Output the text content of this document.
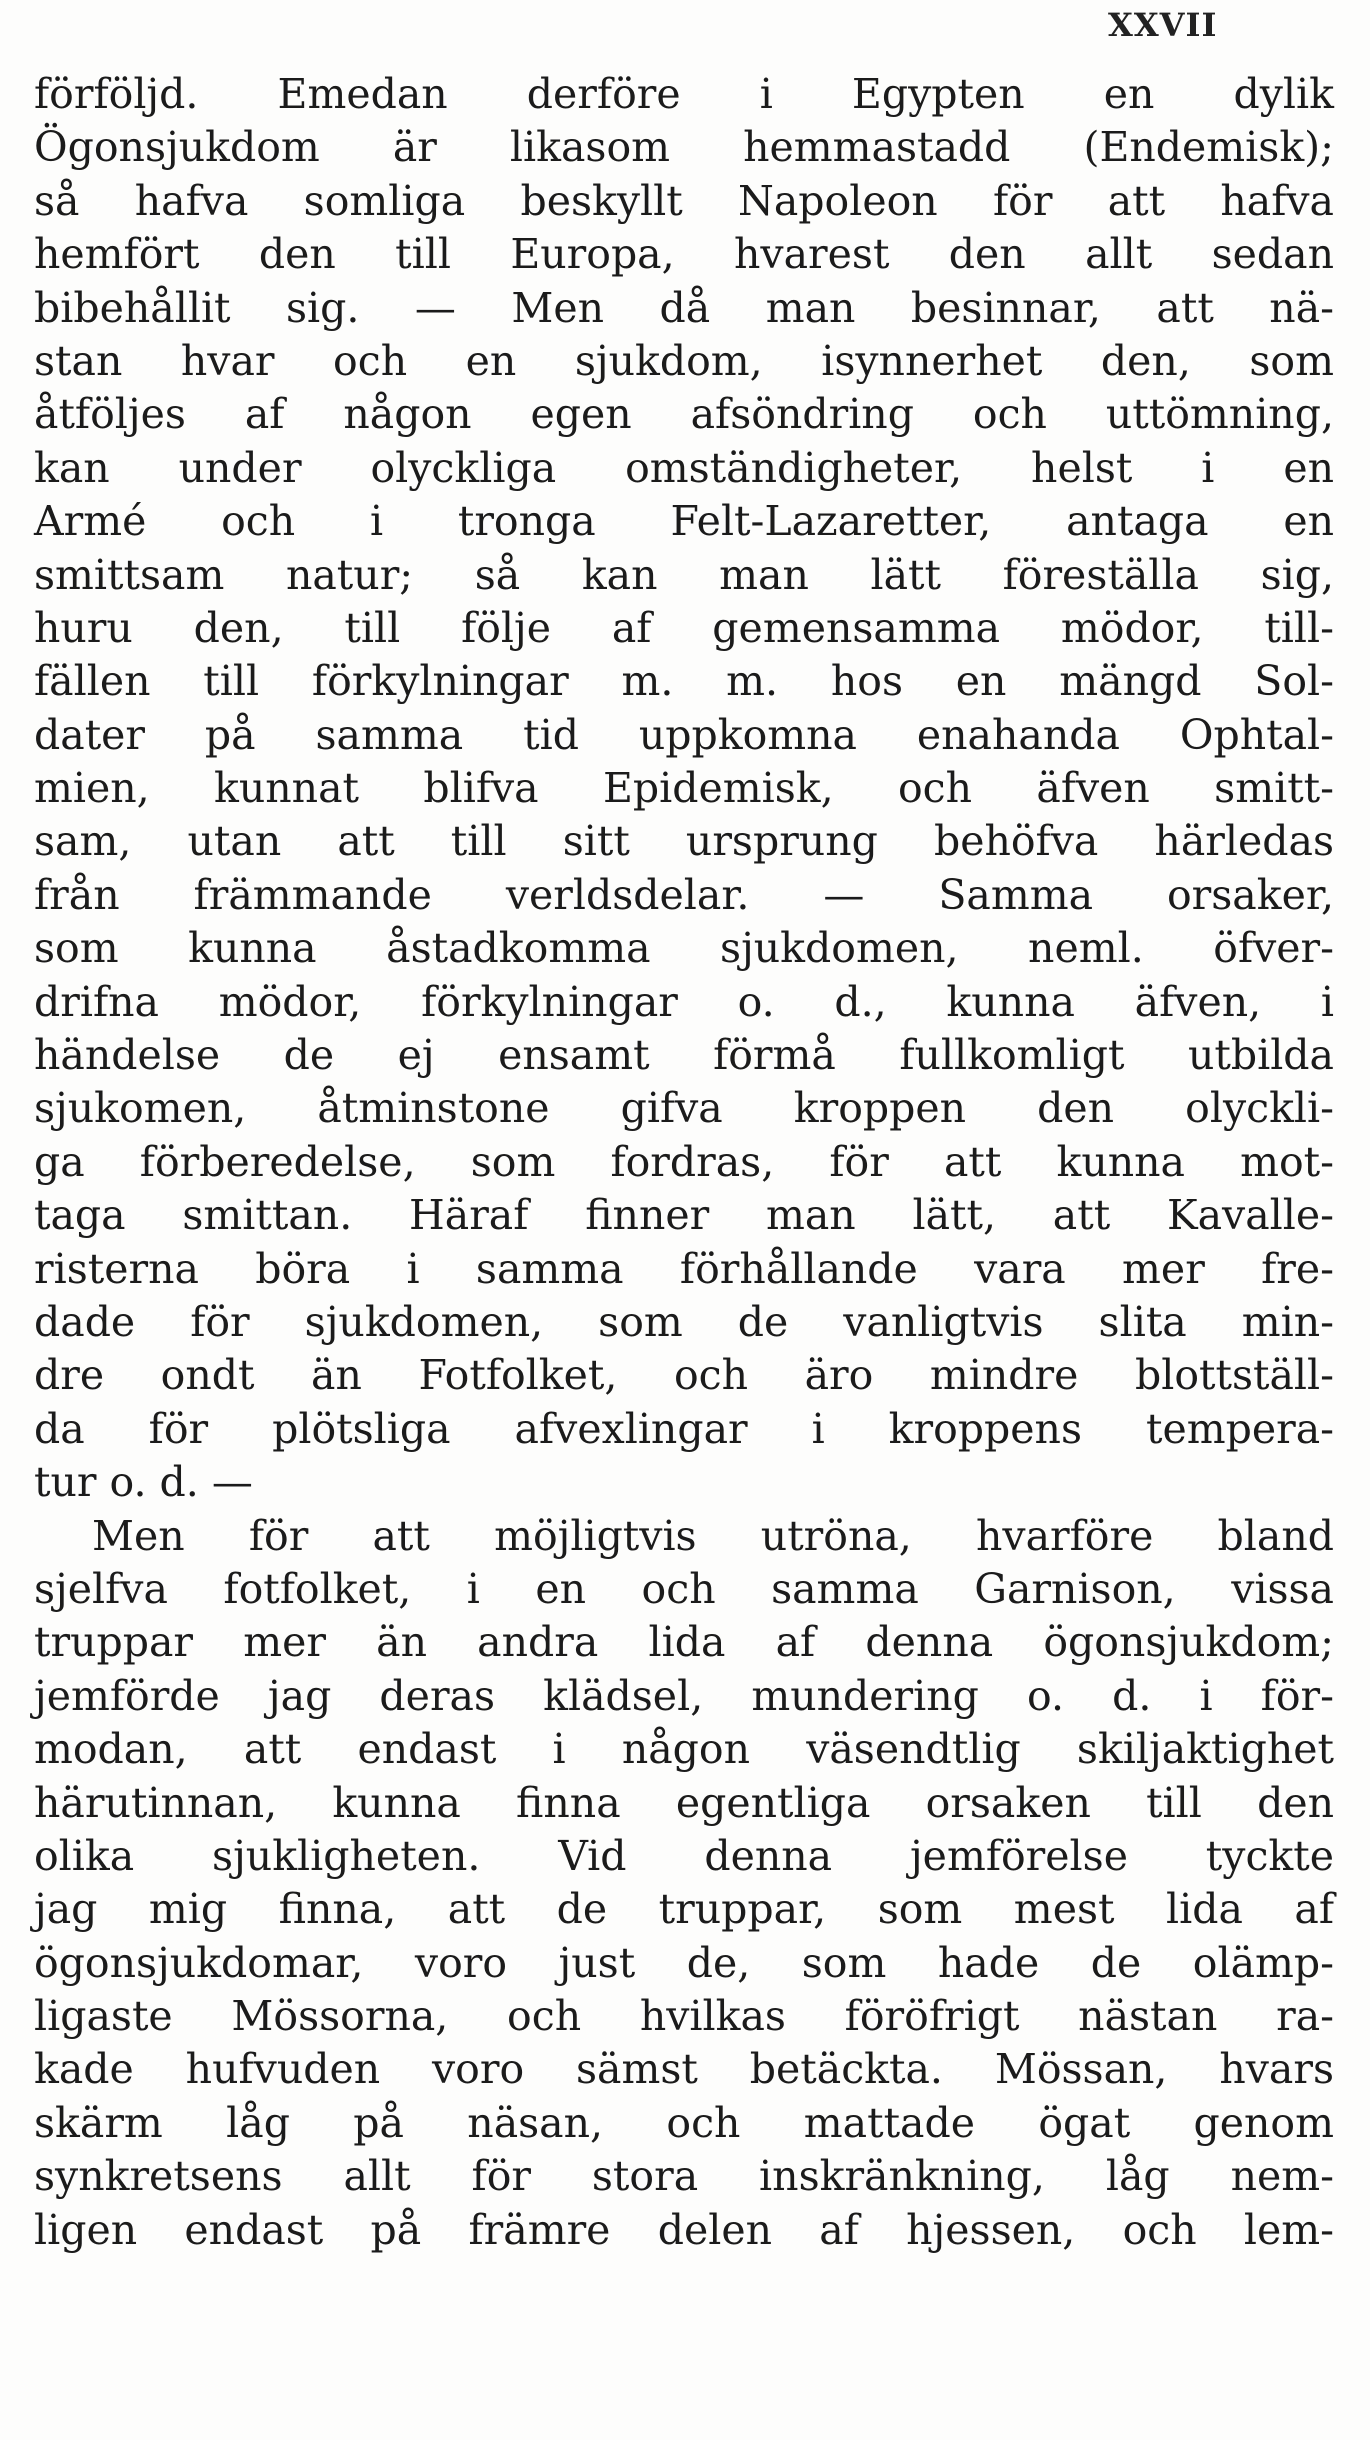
XXVII
förföljd. Emedan derföre i Egypten en dylik
Ögonsjukdom är likasom hemmastadd (Endemisk);
så hafva somliga beskyllt Napoleon för att hafva
hemfört den till Europa, hvarest den allt sedan
bibehållit sig. — Men då man besinnar, att nä-
stan hvar och en sjukdom, isynnerhet den, som
åtföljes af någon egen afsöndring och uttömning,
kan under olyckliga omständigheter, helst i en
Armé och i tronga Felt-Lazaretter, antaga en
smittsam natur; så kan man lätt föreställa sig,
huru den, till följe af gemensamma mödor, till-
fällen till förkylningar m. m. hos en mängd Sol-
dater på samma tid uppkomna enahanda Ophtal-
mien, kunnat blifva Epidemisk, och äfven smitt-
sam, utan att till sitt ursprung behöfva härledas
från främmande verldsdelar. — Samma orsaker,
som kunna åstadkomma sjukdomen, neml. öfver-
drifna mödor, förkylningar o. d., kunna äfven, i
händelse de ej ensamt förmå fullkomligt utbilda
sjukomen, åtminstone gifva kroppen den olyckli-
ga förberedelse, som fordras, för att kunna mot-
taga smittan. Häraf finner man lätt, att Kavalle-
risterna böra i samma förhållande vara mer fre-
dade för sjukdomen, som de vanligtvis slita min-
dre ondt än Fotfolket, och äro mindre blottställ-
da för plötsliga afvexlingar i kroppens tempera-
tur o. d. —
Men för att möjligtvis utröna, hvarföre bland
sjelfva fotfolket, i en och samma Garnison, vissa
truppar mer än andra lida af denna ögonsjukdom;
jemförde jag deras klädsel, mundering o. d. i för-
modan, att endast i någon väsendtlig skiljaktighet
härutinnan, kunna finna egentliga orsaken till den
olika sjukligheten. Vid denna jemförelse tyckte
jag mig finna, att de truppar, som mest lida af
ögonsjukdomar, voro just de, som hade de olämp-
ligaste Mössorna, och hvilkas föröfrigt nästan ra-
kade hufvuden voro sämst betäckta. Mössan, hvars
skärm låg på näsan, och mattade ögat genom
synkretsens allt för stora inskränkning, låg nem-
ligen endast på främre delen af hjessen, och lem-
